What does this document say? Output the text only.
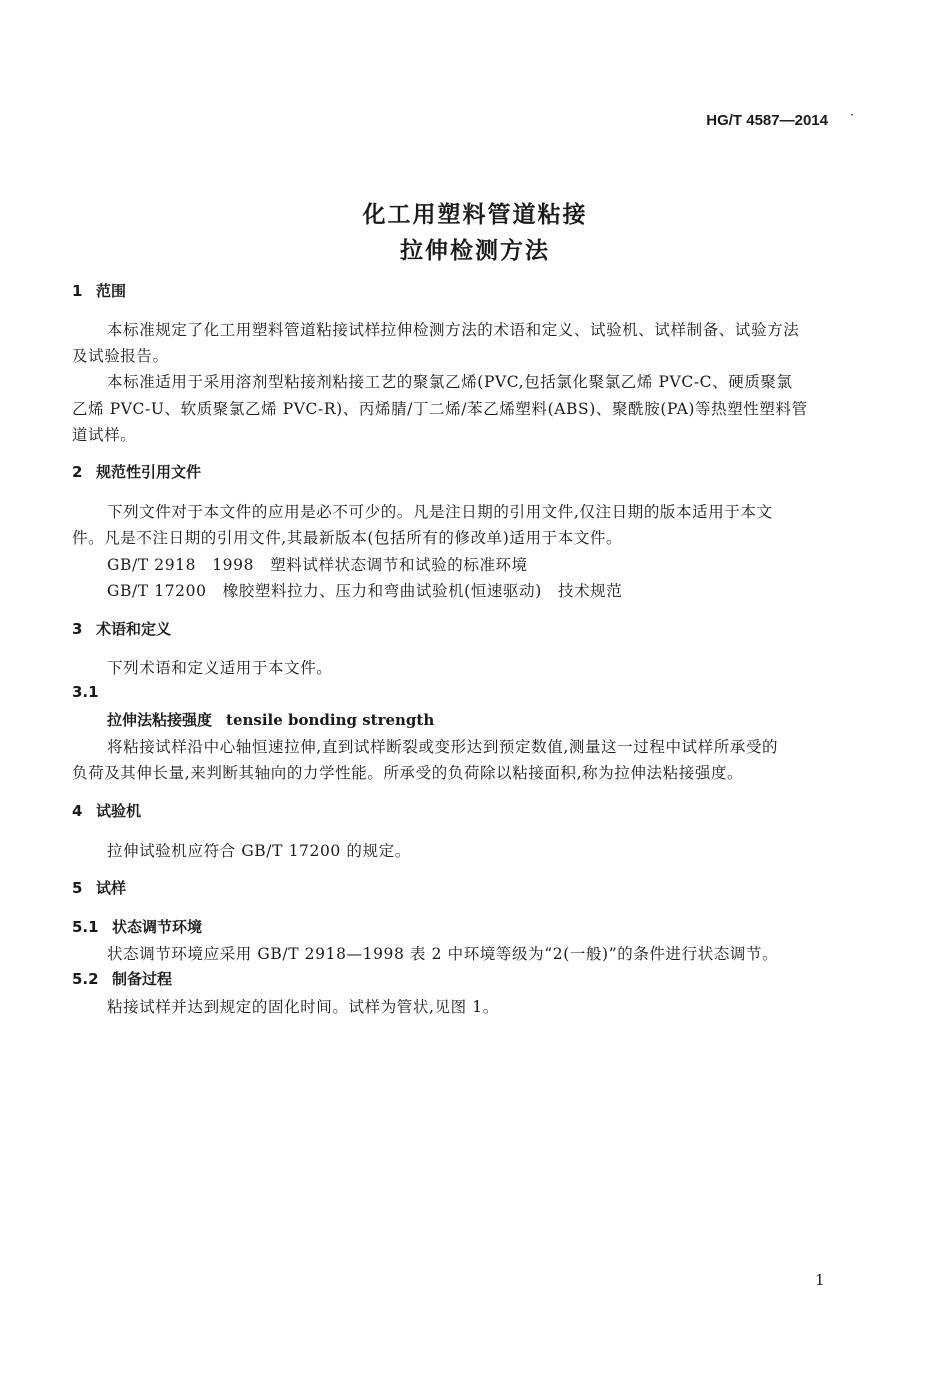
HG/T 4587—2014 ·
化工用塑料管道粘接
拉伸检测方法
1 范围
本标准规定了化工用塑料管道粘接试样拉伸检测方法的术语和定义、试验机、试样制备、试验方法
及试验报告。
本标准适用于采用溶剂型粘接剂粘接工艺的聚氯乙烯(PVC,包括氯化聚氯乙烯 PVC-C、硬质聚氯
乙烯 PVC-U、软质聚氯乙烯 PVC-R)、丙烯腈/丁二烯/苯乙烯塑料(ABS)、聚酰胺(PA)等热塑性塑料管
道试样。
2 规范性引用文件
下列文件对于本文件的应用是必不可少的。凡是注日期的引用文件,仅注日期的版本适用于本文
件。凡是不注日期的引用文件,其最新版本(包括所有的修改单)适用于本文件。
GB/T 2918　1998　塑料试样状态调节和试验的标准环境
GB/T 17200　橡胶塑料拉力、压力和弯曲试验机(恒速驱动)　技术规范
3 术语和定义
下列术语和定义适用于本文件。
3.1
拉伸法粘接强度 tensile bonding strength
将粘接试样沿中心轴恒速拉伸,直到试样断裂或变形达到预定数值,测量这一过程中试样所承受的
负荷及其伸长量,来判断其轴向的力学性能。所承受的负荷除以粘接面积,称为拉伸法粘接强度。
4 试验机
拉伸试验机应符合 GB/T 17200 的规定。
5 试样
5.1 状态调节环境
状态调节环境应采用 GB/T 2918—1998 表 2 中环境等级为“2(一般)”的条件进行状态调节。
5.2 制备过程
粘接试样并达到规定的固化时间。试样为管状,见图 1。
1
